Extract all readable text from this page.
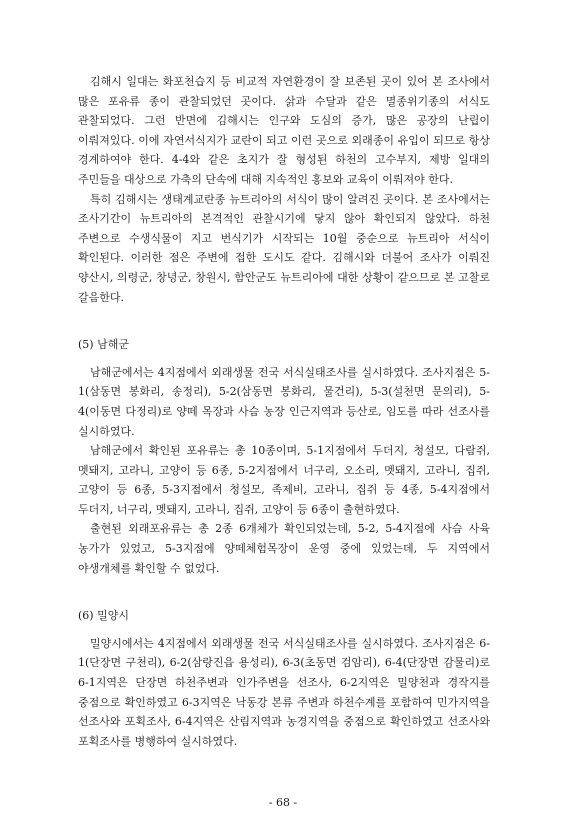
김해시 일대는 화포천습지 등 비교적 자연환경이 잘 보존된 곳이 있어 본 조사에서 많은 포유류 종이 관찰되었던 곳이다. 삵과 수달과 같은 멸종위기종의 서식도 관찰되었다. 그런 반면에 김해시는 인구와 도심의 증가, 많은 공장의 난립이 이뤄져있다. 이에 자연서식지가 교란이 되고 이런 곳으로 외래종이 유입이 되므로 항상 경계하여야 한다. 4-4와 같은 초지가 잘 형성된 하천의 고수부지, 제방 일대의 주민들을 대상으로 가축의 단속에 대해 지속적인 홍보와 교육이 이뤄져야 한다.

특히 김해시는 생태계교란종 뉴트리아의 서식이 많이 알려진 곳이다. 본 조사에서는 조사기간이 뉴트리아의 본격적인 관찰시기에 닿지 않아 확인되지 않았다. 하천 주변으로 수생식물이 지고 번식기가 시작되는 10월 중순으로 뉴트리아 서식이 확인된다. 이러한 점은 주변에 접한 도시도 같다. 김해시와 더불어 조사가 이뤄진 양산시, 의령군, 창녕군, 창원시, 함안군도 뉴트리아에 대한 상황이 같으므로 본 고찰로 갈음한다.

(5) 남해군

남해군에서는 4지점에서 외래생물 전국 서식실태조사를 실시하였다. 조사지점은 5-1(삼동면 봉화리, 송정리), 5-2(삼동면 봉화리, 물건리), 5-3(설천면 문의리), 5-4(이동면 다정리)로 양떼 목장과 사슴 농장 인근지역과 등산로, 임도를 따라 선조사를 실시하였다.

남해군에서 확인된 포유류는 총 10종이며, 5-1지점에서 두더지, 청설모, 다람쥐, 멧돼지, 고라니, 고양이 등 6종, 5-2지점에서 너구리, 오소리, 멧돼지, 고라니, 집쥐, 고양이 등 6종, 5-3지점에서 청설모, 족제비, 고라니, 집쥐 등 4종, 5-4지점에서 두더지, 너구리, 멧돼지, 고라니, 집쥐, 고양이 등 6종이 출현하였다.

출현된 외래포유류는 총 2종 6개체가 확인되었는데, 5-2, 5-4지점에 사슴 사육 농가가 있었고, 5-3지점에 양떼체험목장이 운영 중에 있었는데, 두 지역에서 야생개체를 확인할 수 없었다.

(6) 밀양시

밀양시에서는 4지점에서 외래생물 전국 서식실태조사를 실시하였다. 조사지점은 6-1(단장면 구천리), 6-2(삼랑진읍 용성리), 6-3(초동면 검암리), 6-4(단장면 감물리)로 6-1지역은 단장면 하천주변과 인가주변을 선조사, 6-2지역은 밀양천과 경작지를 중점으로 확인하였고 6-3지역은 낙동강 본류 주변과 하천수계를 포함하여 민가지역을 선조사와 포획조사, 6-4지역은 산림지역과 농경지역을 중점으로 확인하였고 선조사와 포획조사를 병행하여 실시하였다.

- 68 -
